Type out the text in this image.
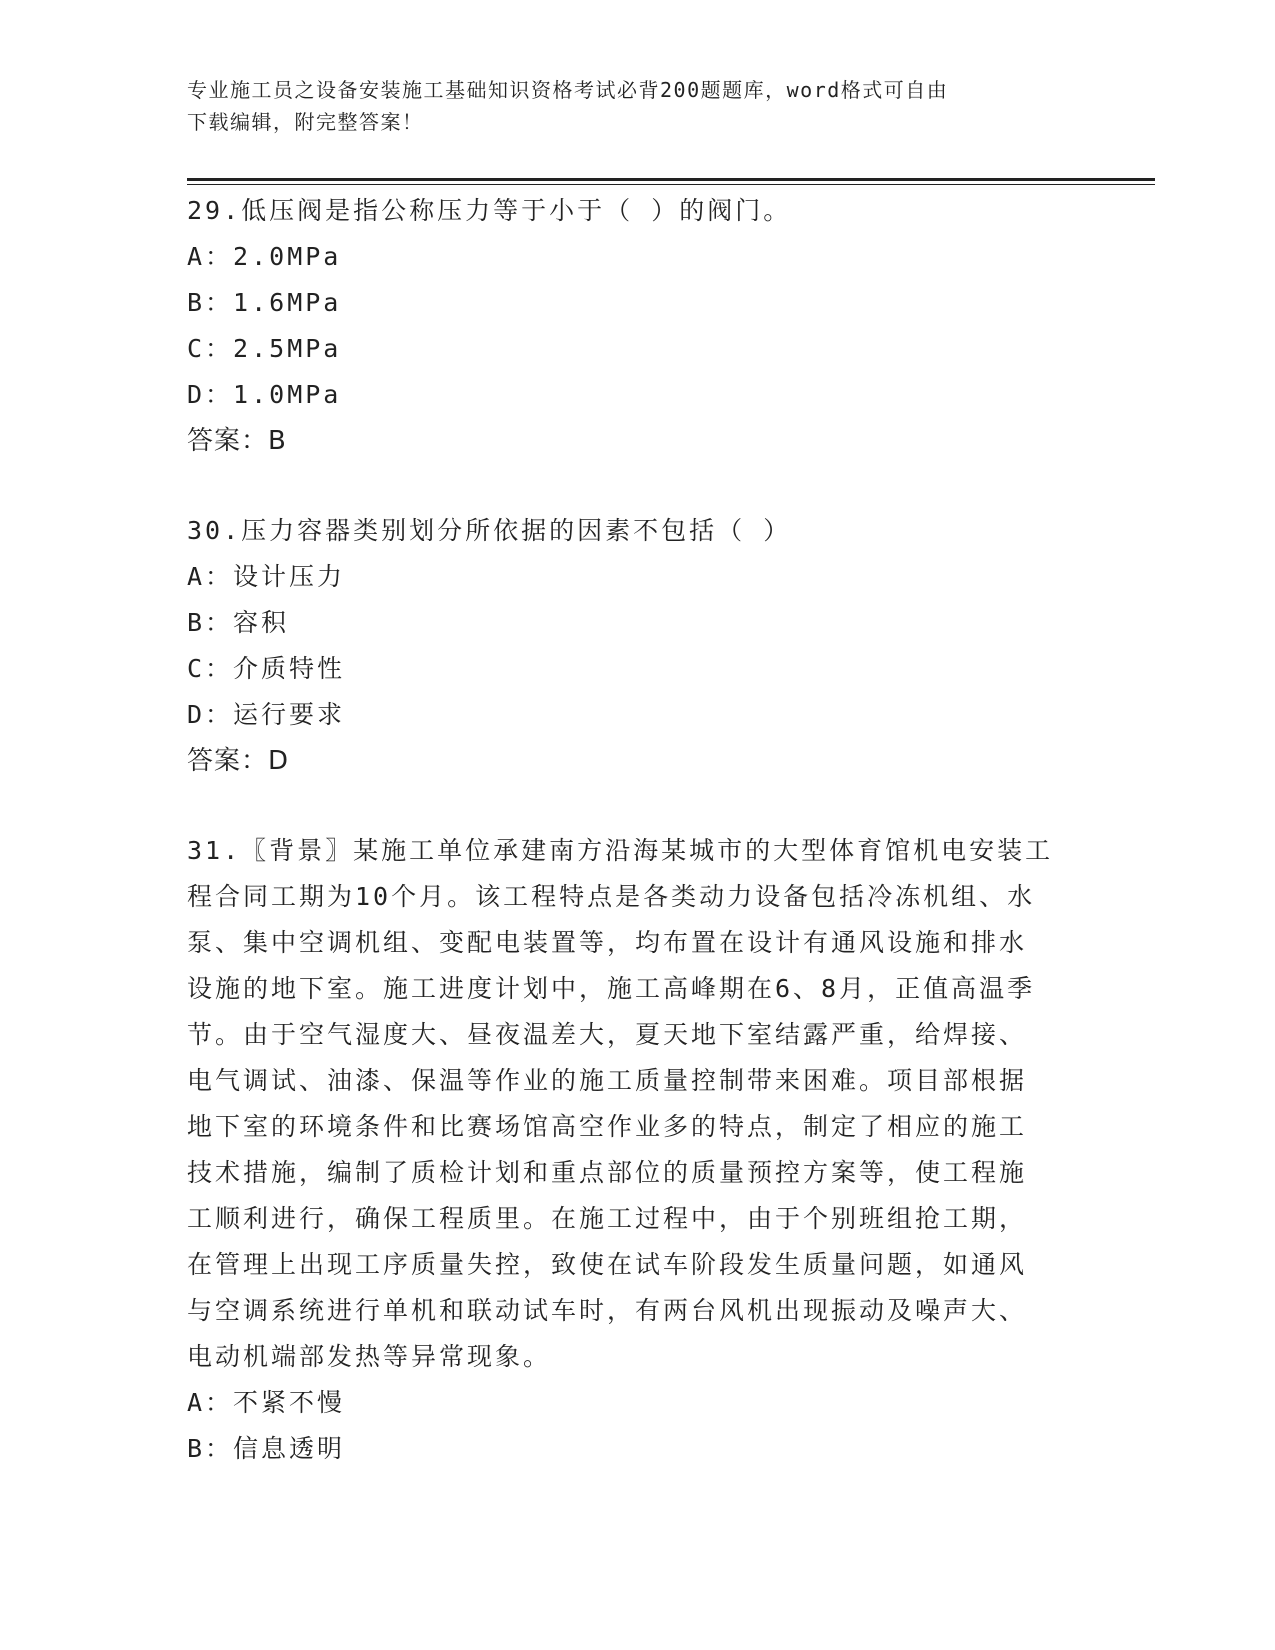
专业施工员之设备安装施工基础知识资格考试必背200题题库，word格式可自由
下载编辑，附完整答案！
29.低压阀是指公称压力等于小于（ ）的阀门。
A：2.0MPa
B：1.6MPa
C：2.5MPa
D：1.0MPa
答案：B
30.压力容器类别划分所依据的因素不包括（ ）
A：设计压力
B：容积
C：介质特性
D：运行要求
答案：D
31.〖背景〗某施工单位承建南方沿海某城市的大型体育馆机电安装工
程合同工期为10个月。该工程特点是各类动力设备包括冷冻机组、水
泵、集中空调机组、变配电装置等，均布置在设计有通风设施和排水
设施的地下室。施工进度计划中，施工高峰期在6、8月，正值高温季
节。由于空气湿度大、昼夜温差大，夏天地下室结露严重，给焊接、
电气调试、油漆、保温等作业的施工质量控制带来困难。项目部根据
地下室的环境条件和比赛场馆高空作业多的特点，制定了相应的施工
技术措施，编制了质检计划和重点部位的质量预控方案等，使工程施
工顺利进行，确保工程质里。在施工过程中，由于个别班组抢工期，
在管理上出现工序质量失控，致使在试车阶段发生质量问题，如通风
与空调系统进行单机和联动试车时，有两台风机出现振动及噪声大、
电动机端部发热等异常现象。
A：不紧不慢
B：信息透明
